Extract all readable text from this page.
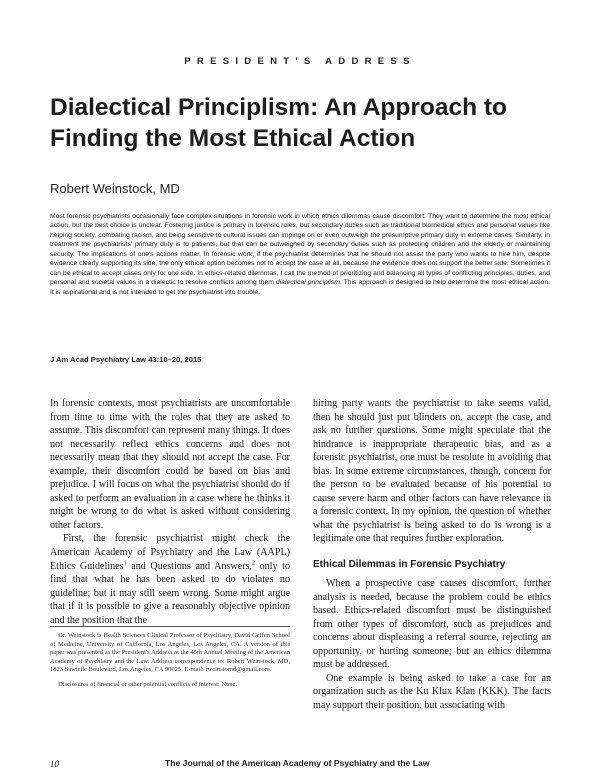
PRESIDENT'S ADDRESS
Dialectical Principlism: An Approach to Finding the Most Ethical Action
Robert Weinstock, MD

Most forensic psychiatrists occasionally face complex situations in forensic work in which ethics dilemmas cause discomfort. They want to determine the most ethical action, but the best choice is unclear. Fostering justice is primary in forensic roles, but secondary duties such as traditional biomedical ethics and personal values like helping society, combating racism, and being sensitive to cultural issues can impinge on or even outweigh the presumptive primary duty in extreme cases. Similarly, in treatment the psychiatrists' primary duty is to patients, but that can be outweighed by secondary duties such as protecting children and the elderly or maintaining security. The implications of one's actions matter. In forensic work, if the psychiatrist determines that he should not assist the party who wants to hire him, despite evidence clearly supporting its side, the only ethical option becomes not to accept the case at all, because the evidence does not support the better side. Sometimes it can be ethical to accept cases only for one side. In ethics-related dilemmas, I call the method of prioritizing and balancing all types of conflicting principles, duties, and personal and societal values in a dialectic to resolve conflicts among them dialectical principlism. This approach is designed to help determine the most ethical action. It is aspirational and is not intended to get the psychiatrist into trouble.

J Am Acad Psychiatry Law 43:10–20, 2015

In forensic contexts, most psychiatrists are uncomfortable from time to time with the roles that they are asked to assume. This discomfort can represent many things. It does not necessarily reflect ethics concerns and does not necessarily mean that they should not accept the case. For example, their discomfort could be based on bias and prejudice. I will focus on what the psychiatrist should do if asked to perform an evaluation in a case where he thinks it might be wrong to do what is asked without considering other factors.

First, the forensic psychiatrist might check the American Academy of Psychiatry and the Law (AAPL) Ethics Guidelines$^1$ and Questions and Answers,$^2$ only to find that what he has been asked to do violates no guideline; but it may still seem wrong. Some might argue that if it is possible to give a reasonably objective opinion and the position that the

Dr. Weinstock is Health Sciences Clinical Professor of Psychiatry, David Geffen School of Medicine, University of California, Los Angeles, Los Angeles, CA. A version of this paper was presented as the President's Address at the 45th Annual Meeting of the American Academy of Psychiatry and the Law. Address correspondence to: Robert Weinstock, MD, 1823 Sawtelle Boulevard, Los Angeles, CA 90025. E-mail: rweinstomd@gmail.com.

Disclosures of financial or other potential conflicts of interest: None.

hiring party wants the psychiatrist to take seems valid, then he should just put blinders on, accept the case, and ask no further questions. Some might speculate that the hindrance is inappropriate therapeutic bias, and as a forensic psychiatrist, one must be resolute in avoiding that bias. In some extreme circumstances, though, concern for the person to be evaluated because of his potential to cause severe harm and other factors can have relevance in a forensic context. In my opinion, the question of whether what the psychiatrist is being asked to do is wrong is a legitimate one that requires further exploration.

Ethical Dilemmas in Forensic Psychiatry

When a prospective case causes discomfort, further analysis is needed, because the problem could be ethics based. Ethics-related discomfort must be distinguished from other types of discomfort, such as prejudices and concerns about displeasing a referral source, rejecting an opportunity, or hurting someone; but an ethics dilemma must be addressed.

One example is being asked to take a case for an organization such as the Ku Klux Klan (KKK). The facts may support their position, but associating with

10	The Journal of the American Academy of Psychiatry and the Law
